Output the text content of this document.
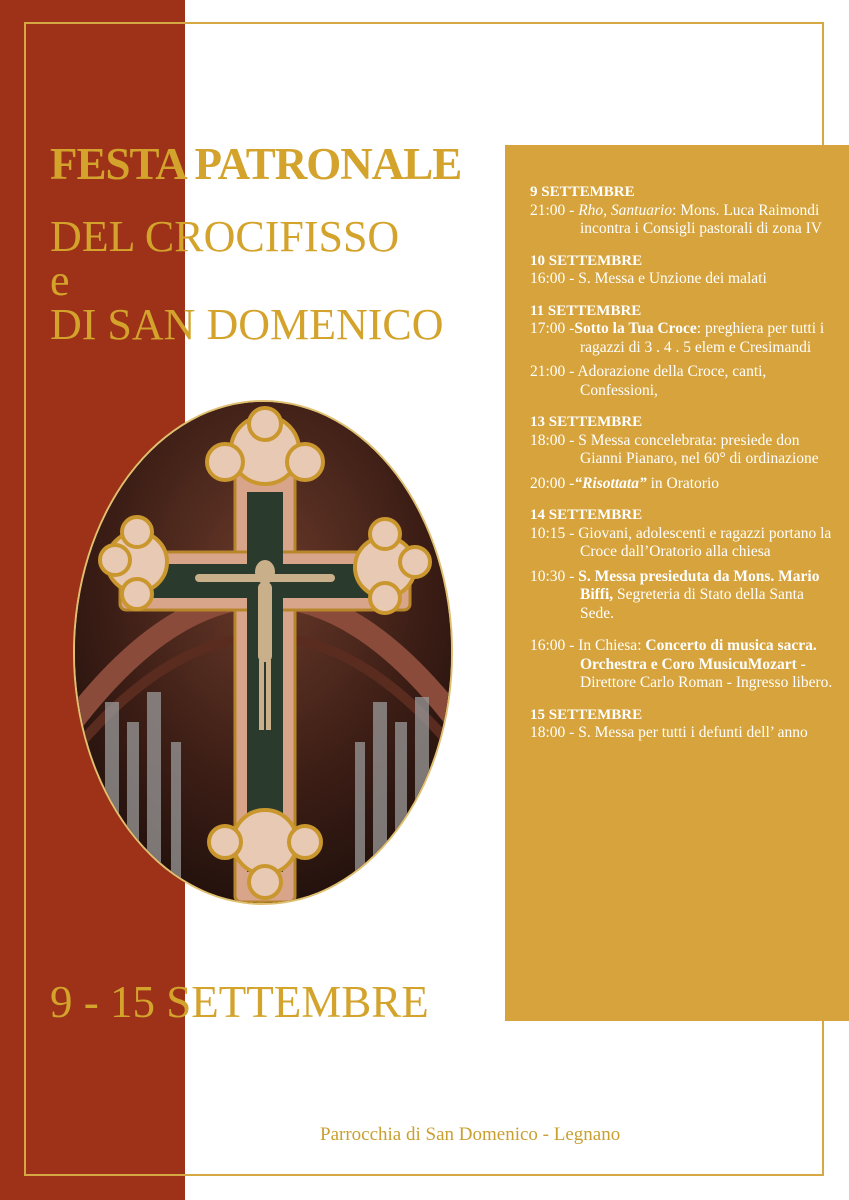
FESTA PATRONALE
DEL CROCIFISSO
e
DI SAN DOMENICO
9 - 15 SETTEMBRE
9 SETTEMBRE
21:00 - Rho, Santuario: Mons. Luca Raimondi incontra i Consigli pastorali di zona IV
10 SETTEMBRE
16:00 - S. Messa e Unzione dei malati
11 SETTEMBRE
17:00 -Sotto la Tua Croce: preghiera per tutti i ragazzi di 3 . 4 . 5 elem e Cresimandi
21:00 - Adorazione della Croce, canti, Confessioni,
13 SETTEMBRE
18:00 - S Messa concelebrata: presiede don Gianni Pianaro, nel 60° di ordinazione
20:00 -“Risottata” in Oratorio
14 SETTEMBRE
10:15 - Giovani, adolescenti e ragazzi portano la Croce dall’Oratorio alla chiesa
10:30 - S. Messa presieduta da Mons. Mario Biffi, Segreteria di Stato della Santa Sede.
16:00 - In Chiesa: Concerto di musica sacra. Orchestra e Coro MusicuMozart - Direttore Carlo Roman - Ingresso libero.
15 SETTEMBRE
18:00 - S. Messa per tutti i defunti dell’ anno
Parrocchia di San Domenico - Legnano
